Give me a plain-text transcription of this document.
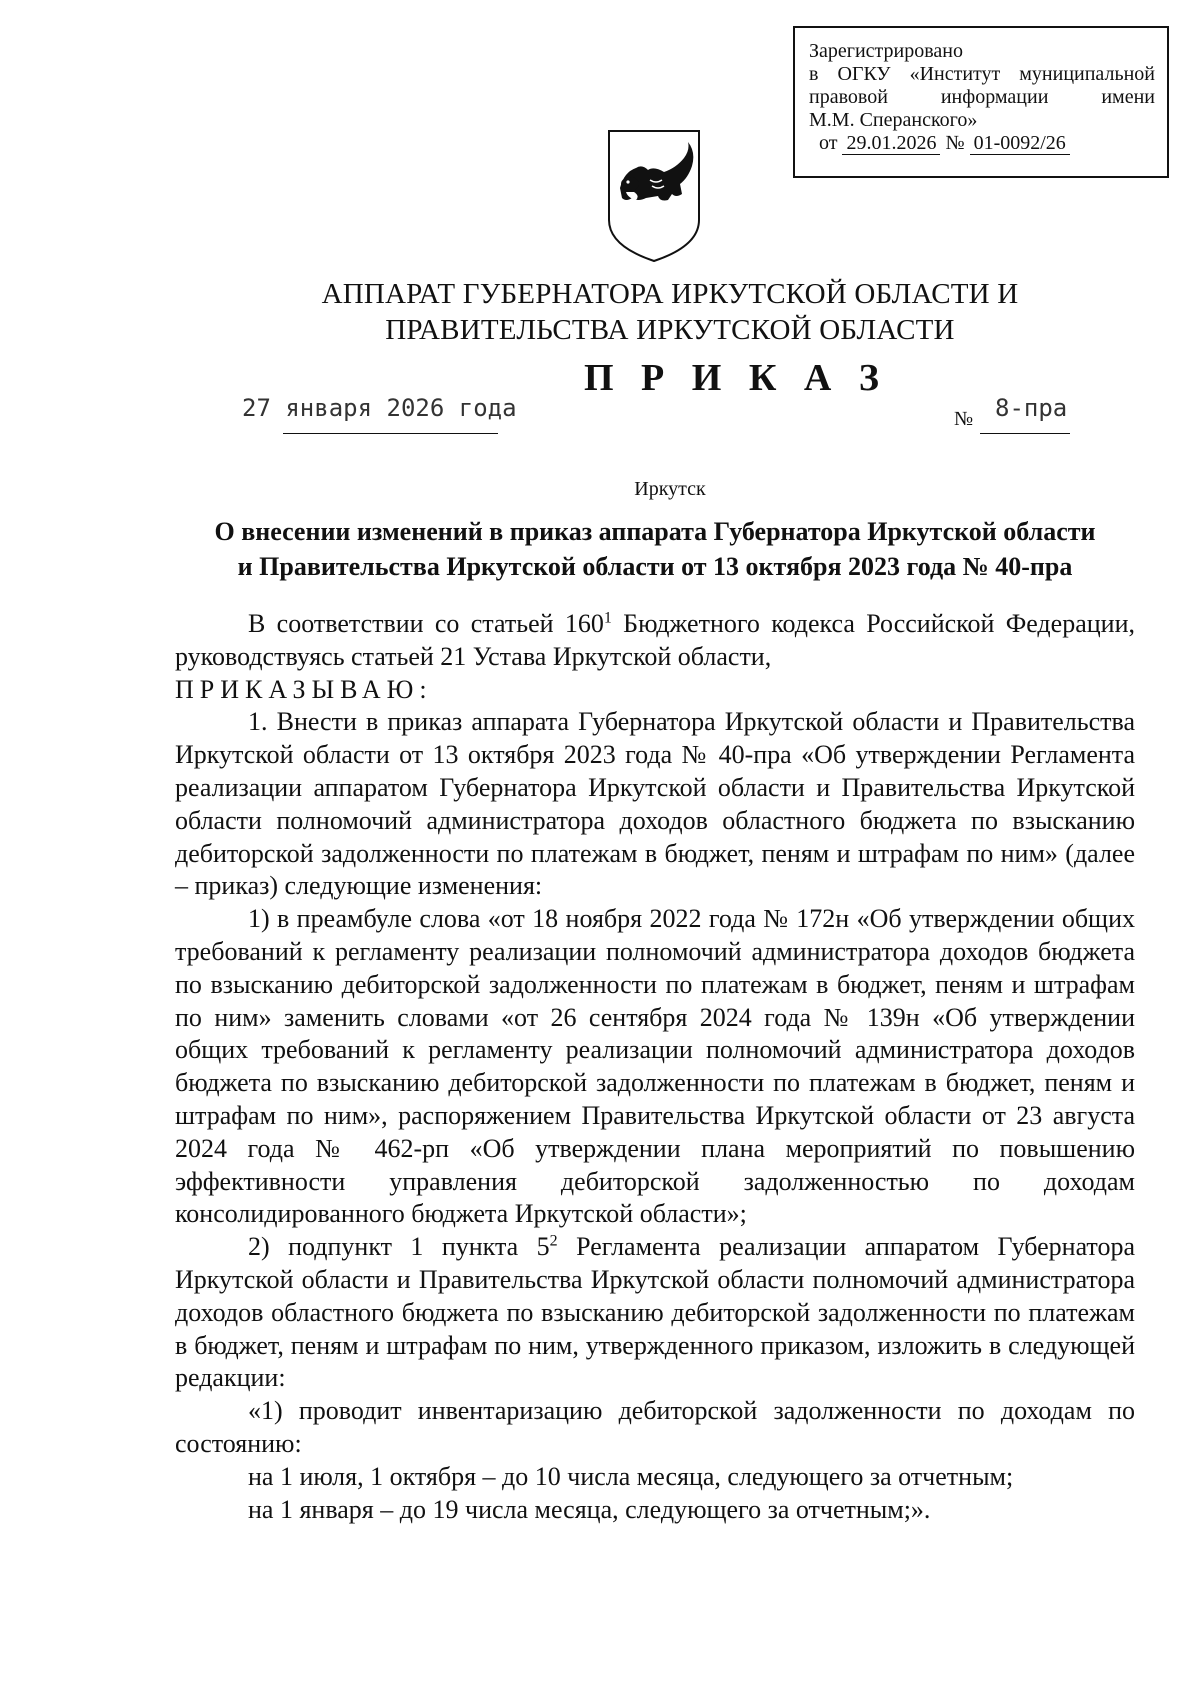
Зарегистрировано
в ОГКУ «Институт муниципальной
правовой информации имени
М.М. Сперанского»
от 29.01.2026 № 01-0092/26
АППАРАТ ГУБЕРНАТОРА ИРКУТСКОЙ ОБЛАСТИ И
ПРАВИТЕЛЬСТВА ИРКУТСКОЙ ОБЛАСТИ
П Р И К А З
27 января 2026 года	№ 8-пра
Иркутск
О внесении изменений в приказ аппарата Губернатора Иркутской области
и Правительства Иркутской области от 13 октября 2023 года № 40-пра

В соответствии со статьей $160^1$ Бюджетного кодекса Российской Федерации, руководствуясь статьей 21 Устава Иркутской области,

ПРИКАЗЫВАЮ:

1. Внести в приказ аппарата Губернатора Иркутской области и Правительства Иркутской области от 13 октября 2023 года № 40-пра «Об утверждении Регламента реализации аппаратом Губернатора Иркутской области и Правительства Иркутской области полномочий администратора доходов областного бюджета по взысканию дебиторской задолженности по платежам в бюджет, пеням и штрафам по ним» (далее – приказ) следующие изменения:

1) в преамбуле слова «от 18 ноября 2022 года № 172н «Об утверждении общих требований к регламенту реализации полномочий администратора доходов бюджета по взысканию дебиторской задолженности по платежам в бюджет, пеням и штрафам по ним» заменить словами «от 26 сентября 2024 года № 139н «Об утверждении общих требований к регламенту реализации полномочий администратора доходов бюджета по взысканию дебиторской задолженности по платежам в бюджет, пеням и штрафам по ним», распоряжением Правительства Иркутской области от 23 августа 2024 года № 462-рп «Об утверждении плана мероприятий по повышению эффективности управления дебиторской задолженностью по доходам консолидированного бюджета Иркутской области»;

2) подпункт 1 пункта $5^2$ Регламента реализации аппаратом Губернатора Иркутской области и Правительства Иркутской области полномочий администратора доходов областного бюджета по взысканию дебиторской задолженности по платежам в бюджет, пеням и штрафам по ним, утвержденного приказом, изложить в следующей редакции:

«1) проводит инвентаризацию дебиторской задолженности по доходам по состоянию:

на 1 июля, 1 октября – до 10 числа месяца, следующего за отчетным;

на 1 января – до 19 числа месяца, следующего за отчетным;».
